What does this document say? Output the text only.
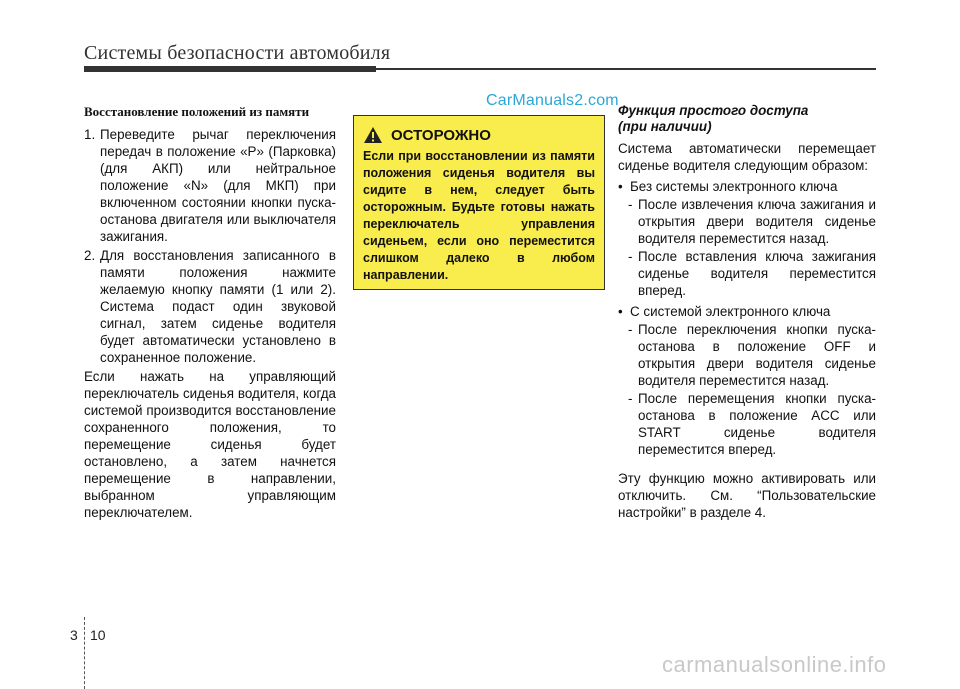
Системы безопасности автомобиля
CarManuals2.com
Восстановление положений из памяти
1. Переведите рычаг переключения передач в положение «P» (Парковка) (для АКП) или нейтральное положение «N» (для МКП) при включенном состоянии кнопки пуска-останова двигателя или выключателя зажигания.
2. Для восстановления записанного в памяти положения нажмите желаемую кнопку памяти (1 или 2). Система подаст один звуковой сигнал, затем сиденье водителя будет автоматически установлено в сохраненное положение.
Если нажать на управляющий переключатель сиденья водителя, когда системой производится восстановление сохраненного положения, то перемещение сиденья будет остановлено, а затем начнется перемещение в направлении, выбранном управляющим переключателем.
ОСТОРОЖНО
Если при восстановлении из памяти положения сиденья водителя вы сидите в нем, следует быть осторожным. Будьте готовы нажать переключатель управления сиденьем, если оно переместится слишком далеко в любом направлении.
Функция простого доступа
(при наличии)
Система автоматически перемещает сиденье водителя следующим образом:
• Без системы электронного ключа
- После извлечения ключа зажигания и открытия двери водителя сиденье водителя переместится назад.
- После вставления ключа зажигания сиденье водителя переместится вперед.
• С системой электронного ключа
- После переключения кнопки пуска-останова в положение OFF и открытия двери водителя сиденье водителя переместится назад.
- После перемещения кнопки пуска-останова в положение ACC или START сиденье водителя переместится вперед.
Эту функцию можно активировать или отключить. См. “Пользовательские настройки” в разделе 4.
3 10
carmanualsonline.info
